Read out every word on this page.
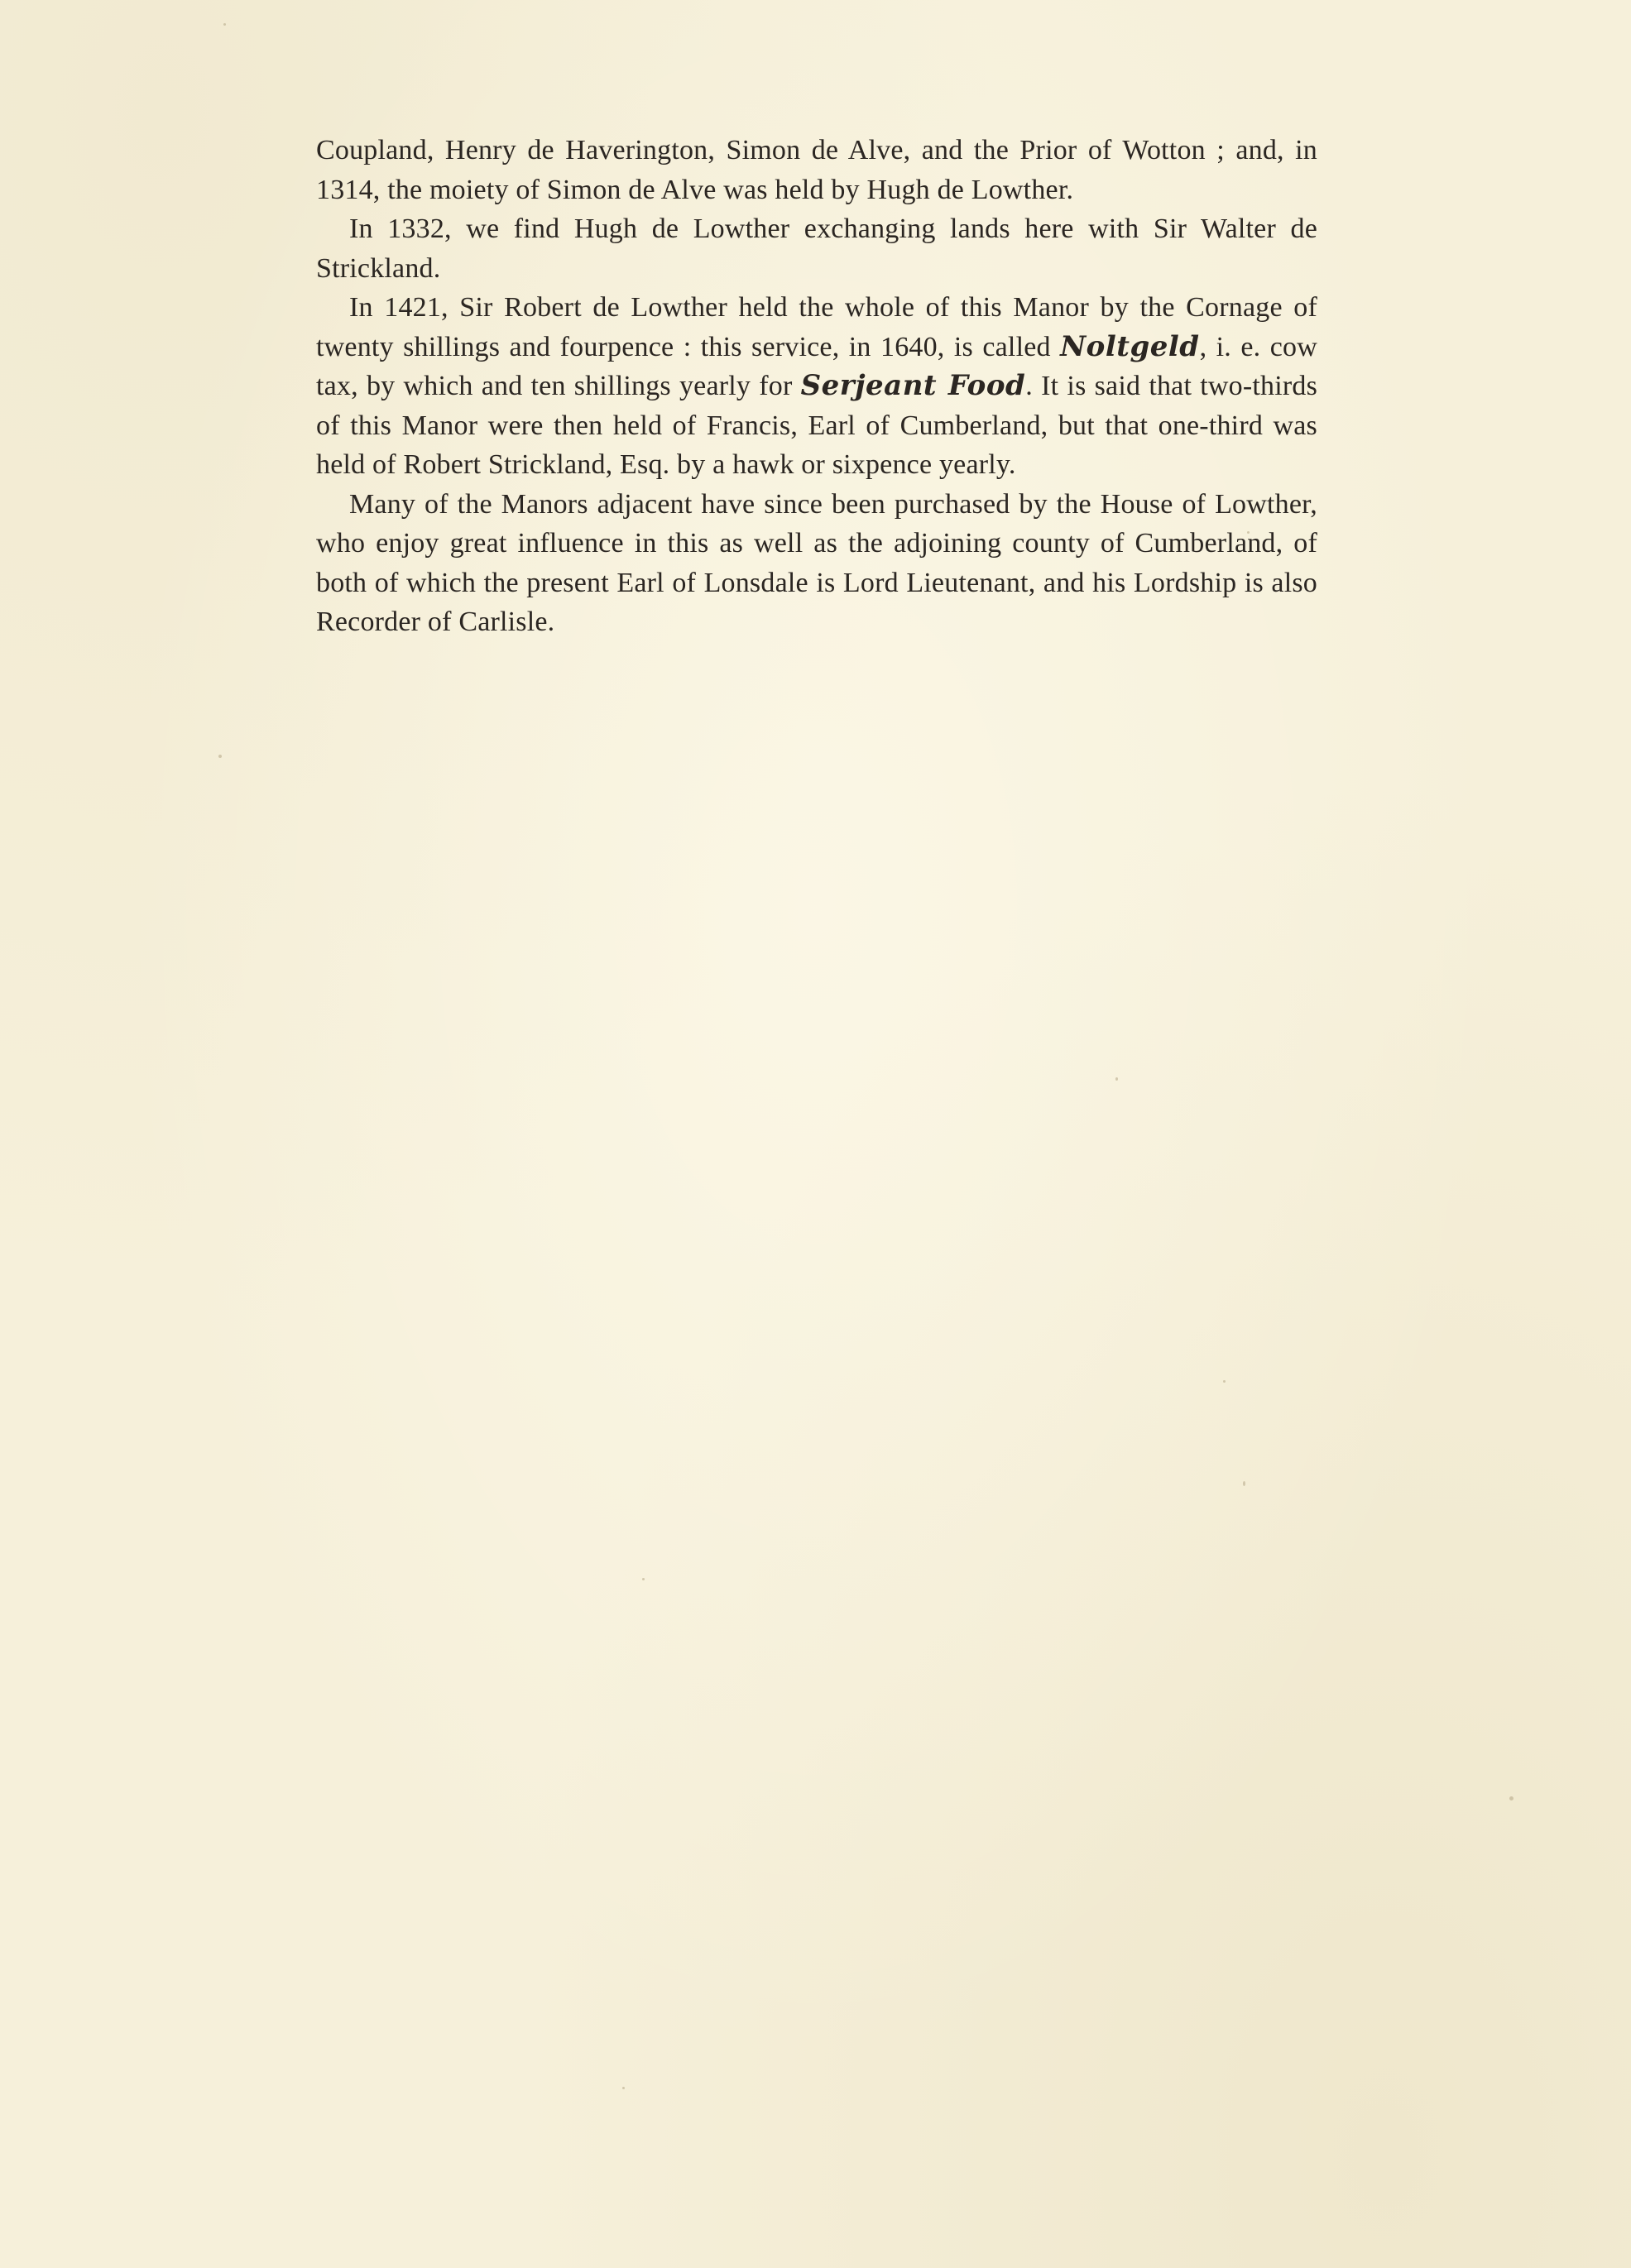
Coupland, Henry de Haverington, Simon de Alve, and the Prior of Wotton ; and, in 1314, the moiety of Simon de Alve was held by Hugh de Lowther.

In 1332, we find Hugh de Lowther exchanging lands here with Sir Walter de Strickland.

In 1421, Sir Robert de Lowther held the whole of this Manor by the Cornage of twenty shillings and fourpence : this service, in 1640, is called Noltgeld, i. e. cow tax, by which and ten shillings yearly for Serjeant Food. It is said that two-thirds of this Manor were then held of Francis, Earl of Cumberland, but that one-third was held of Robert Strickland, Esq. by a hawk or sixpence yearly.

Many of the Manors adjacent have since been purchased by the House of Lowther, who enjoy great influence in this as well as the adjoining county of Cumberland, of both of which the present Earl of Lonsdale is Lord Lieutenant, and his Lordship is also Recorder of Carlisle.
